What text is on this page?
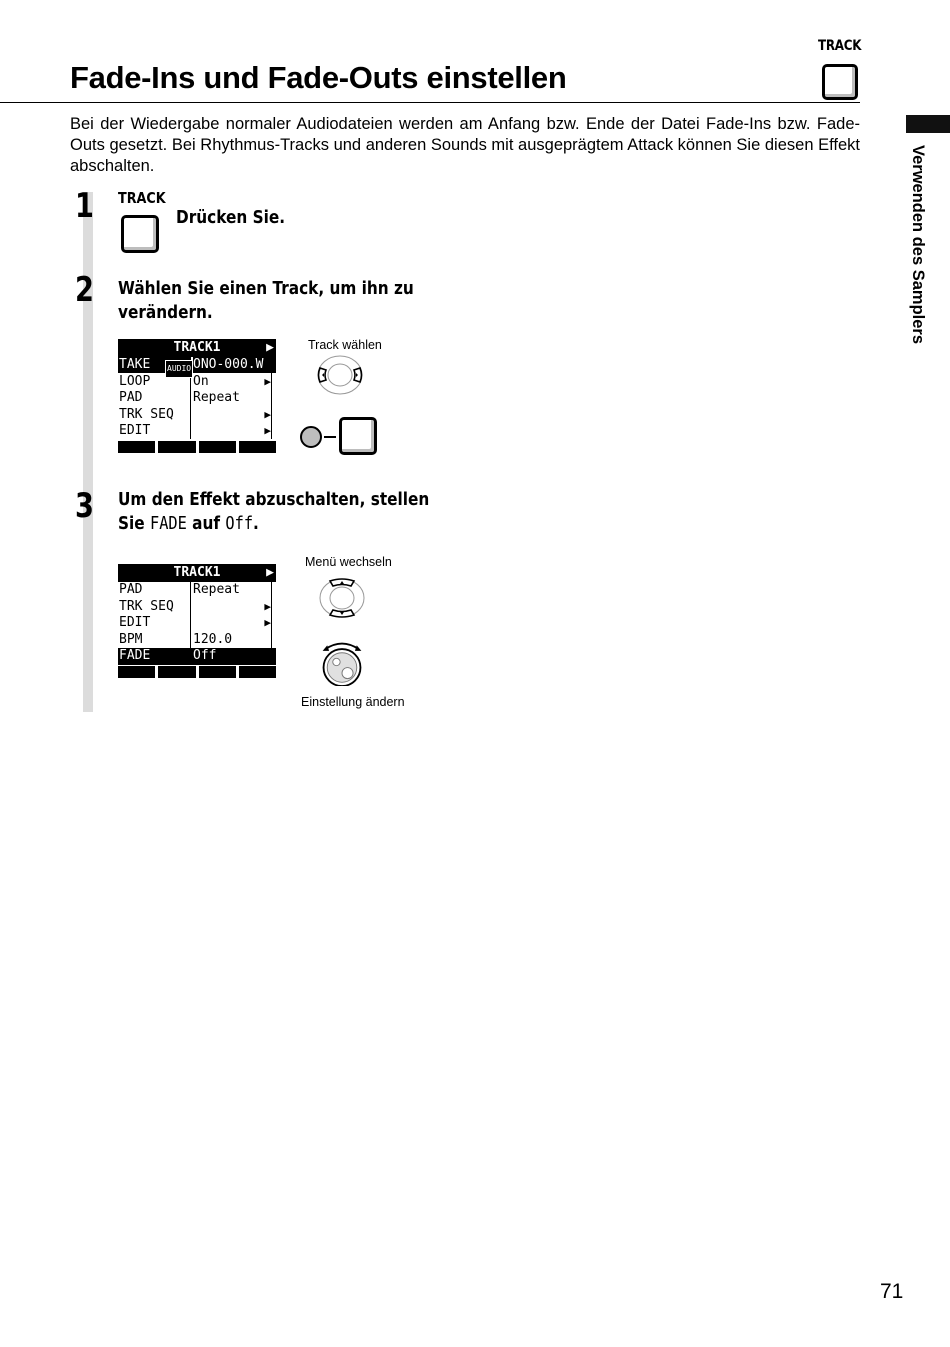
TRACK
Fade-Ins und Fade-Outs einstellen

Bei der Wiedergabe normaler Audiodateien werden am Anfang bzw. Ende der Datei Fade-Ins bzw. Fade-Outs gesetzt. Bei Rhythmus-Tracks und anderen Sounds mit ausgeprägtem Attack können Sie diesen Effekt abschalten.	Verwenden des Samplers
1 TRACK
Drücken Sie.
2 Wählen Sie einen Track, um ihn zu
verändern.
TRACK1	▶
TAKE	AUDIO ONO-000.W
LOOP	On	▶
PAD	Repeat
TRK SEQ	▶
EDIT	▶
Track wählen
3 Um den Effekt abzuschalten, stellen
Sie FADE auf Off.
TRACK1	▶
PAD	Repeat
TRK SEQ	▶
EDIT	▶
BPM	120.0
FADE	Off
Menü wechseln
Einstellung ändern
71
